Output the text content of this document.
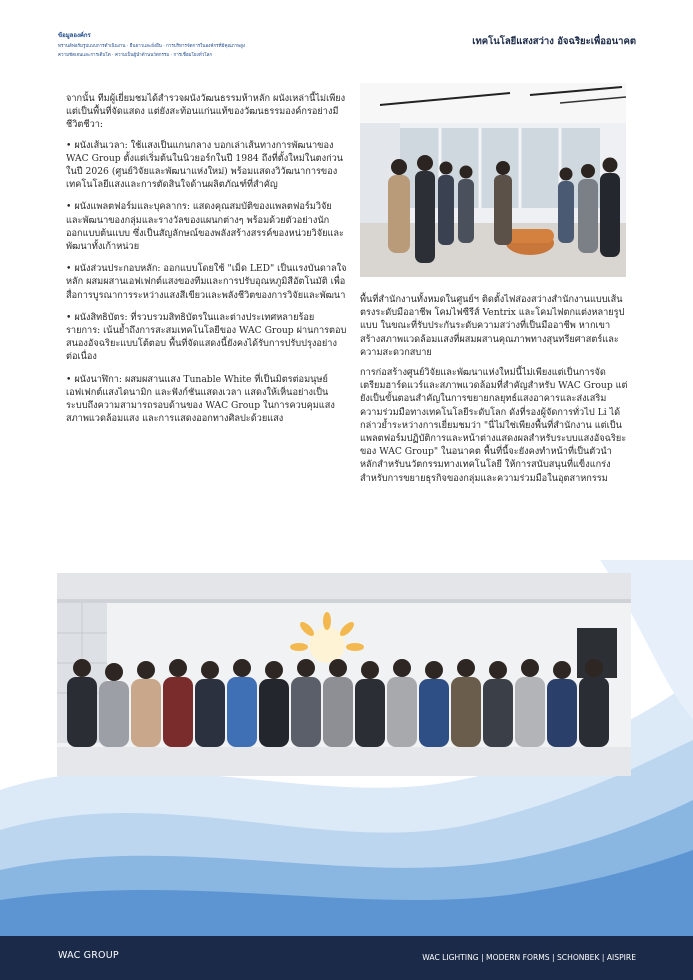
ข้อมูลองค์กร
ทรานส์ฟอร์มรูปแบบการดำเนินงาน · ยืนยาวและยั่งยืน · การบริหารจัดการในองค์กรที่มีคุณภาพสูง
ความชัดเจนและการเติบโต · ความเป็นผู้นำด้านนวัตกรรม · การเชื่อมโยงทั่วโลก
เทคโนโลยีแสงสว่าง อัจฉริยะเพื่ออนาคต

จากนั้น ทีมผู้เยี่ยมชมได้สำรวจผนังวัฒนธรรมห้าหลัก ผนังเหล่านี้ไม่เพียงแต่เป็นพื้นที่จัดแสดง แต่ยังสะท้อนแก่นแท้ของวัฒนธรรมองค์กรอย่างมีชีวิตชีวา:

• ผนังเส้นเวลา: ใช้แสงเป็นแกนกลาง บอกเล่าเส้นทางการพัฒนาของ WAC Group ตั้งแต่เริ่มต้นในนิวยอร์กในปี 1984 ถึงที่ตั้งใหม่ในตงก่วนในปี 2026 (ศูนย์วิจัยและพัฒนาแห่งใหม่) พร้อมแสดงวิวัฒนาการของเทคโนโลยีแสงและการตัดสินใจด้านผลิตภัณฑ์ที่สำคัญ
• ผนังแพลตฟอร์มและบุคลากร: แสดงคุณสมบัติของแพลตฟอร์มวิจัยและพัฒนาของกลุ่มและรางวัลของแผนกต่างๆ พร้อมด้วยตัวอย่างนักออกแบบต้นแบบ ซึ่งเป็นสัญลักษณ์ของพลังสร้างสรรค์ของหน่วยวิจัยและพัฒนาทั้งเก้าหน่วย
• ผนังส่วนประกอบหลัก: ออกแบบโดยใช้ "เม็ด LED" เป็นแรงบันดาลใจหลัก ผสมผสานเอฟเฟกต์แสงของทีมและการปรับอุณหภูมิสีอัตโนมัติ เพื่อสื่อการบูรณาการระหว่างแสงสีเขียวและพลังชีวิตของการวิจัยและพัฒนา
• ผนังสิทธิบัตร: ที่รวบรวมสิทธิบัตรในและต่างประเทศหลายร้อยรายการ: เน้นย้ำถึงการสะสมเทคโนโลยีของ WAC Group ผ่านการตอบสนองอัจฉริยะแบบโต้ตอบ พื้นที่จัดแสดงนี้ยังคงได้รับการปรับปรุงอย่างต่อเนื่อง
• ผนังนาฬิกา: ผสมผสานแสง Tunable White ที่เป็นมิตรต่อมนุษย์ เอฟเฟกต์แสงไดนามิก และฟังก์ชันแสดงเวลา แสดงให้เห็นอย่างเป็นระบบถึงความสามารถรอบด้านของ WAC Group ในการควบคุมแสง สภาพแวดล้อมแสง และการแสดงออกทางศิลปะด้วยแสง

พื้นที่สำนักงานทั้งหมดในศูนย์ฯ ติดตั้งไฟส่องสว่างสำนักงานแบบเส้นตรงระดับมืออาชีพ โคมไฟซีรีส์ Ventrix และโคมไฟตกแต่งหลายรูปแบบ ในขณะที่รับประกันระดับความสว่างที่เป็นมืออาชีพ หากเขาสร้างสภาพแวดล้อมแสงที่ผสมผสานคุณภาพทางสุนทรียศาสตร์และความสะดวกสบาย

การก่อสร้างศูนย์วิจัยและพัฒนาแห่งใหม่นี้ไม่เพียงแต่เป็นการจัดเตรียมฮาร์ดแวร์และสภาพแวดล้อมที่สำคัญสำหรับ WAC Group แต่ยังเป็นขั้นตอนสำคัญในการขยายกลยุทธ์แสงอาคารและส่งเสริมความร่วมมือทางเทคโนโลยีระดับโลก ดังที่รองผู้จัดการทั่วไป Li ได้กล่าวย้ำระหว่างการเยี่ยมชมว่า "นี่ไม่ใช่เพียงพื้นที่สำนักงาน แต่เป็นแพลตฟอร์มปฏิบัติการและหน้าต่างแสดงผลสำหรับระบบแสงอัจฉริยะของ WAC Group" ในอนาคต พื้นที่นี้จะยังคงทำหน้าที่เป็นตัวนำหลักสำหรับนวัตกรรมทางเทคโนโลยี ให้การสนับสนุนที่แข็งแกร่งสำหรับการขยายธุรกิจของกลุ่มและความร่วมมือในอุตสาหกรรม

WAC GROUP	WAC LIGHTING | MODERN FORMS | SCHONBEK | AISPIRE
